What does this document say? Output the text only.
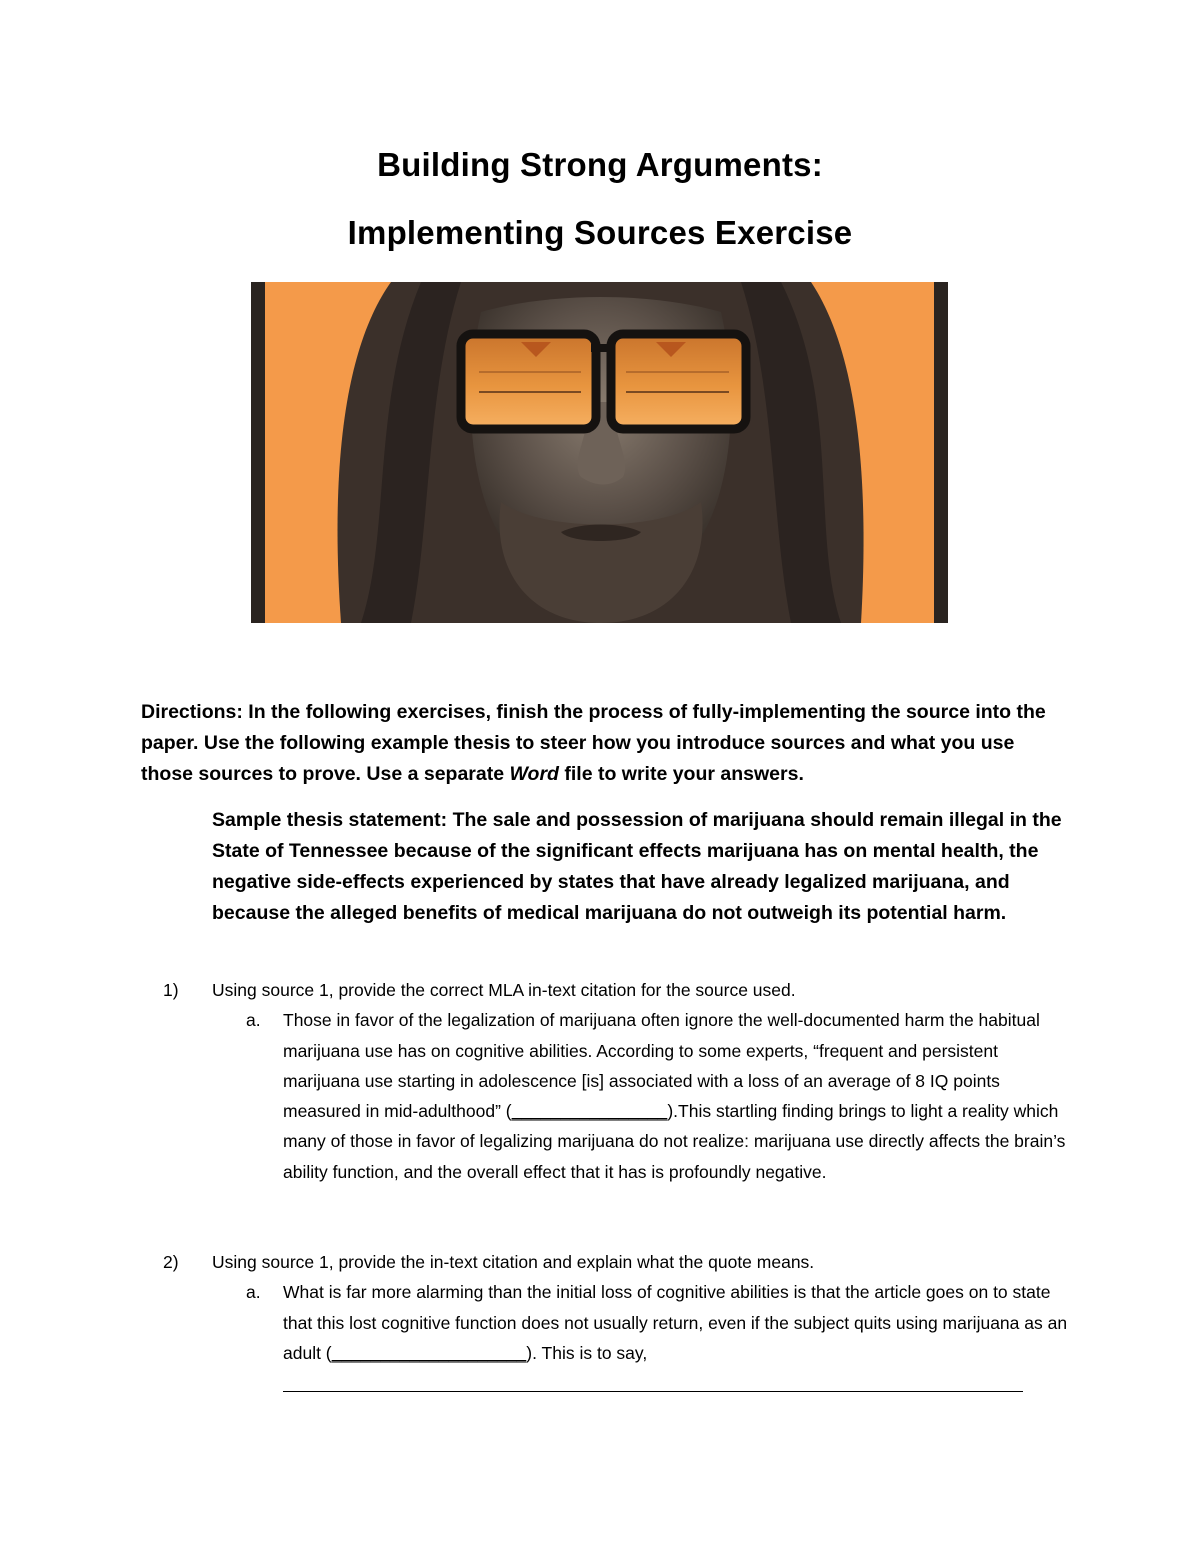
Building Strong Arguments:
Implementing Sources Exercise
Directions: In the following exercises, finish the process of fully-implementing the source into the paper. Use the following example thesis to steer how you introduce sources and what you use those sources to prove. Use a separate Word file to write your answers.
Sample thesis statement: The sale and possession of marijuana should remain illegal in the State of Tennessee because of the significant effects marijuana has on mental health, the negative side-effects experienced by states that have already legalized marijuana, and because the alleged benefits of medical marijuana do not outweigh its potential harm.
1) Using source 1, provide the correct MLA in-text citation for the source used.
a. Those in favor of the legalization of marijuana often ignore the well-documented harm the habitual marijuana use has on cognitive abilities. According to some experts, “frequent and persistent marijuana use starting in adolescence [is] associated with a loss of an average of 8 IQ points measured in mid-adulthood” (________________).This startling finding brings to light a reality which many of those in favor of legalizing marijuana do not realize: marijuana use directly affects the brain’s ability function, and the overall effect that it has is profoundly negative.
2) Using source 1, provide the in-text citation and explain what the quote means.
a. What is far more alarming than the initial loss of cognitive abilities is that the article goes on to state that this lost cognitive function does not usually return, even if the subject quits using marijuana as an adult (____________________). This is to say,
